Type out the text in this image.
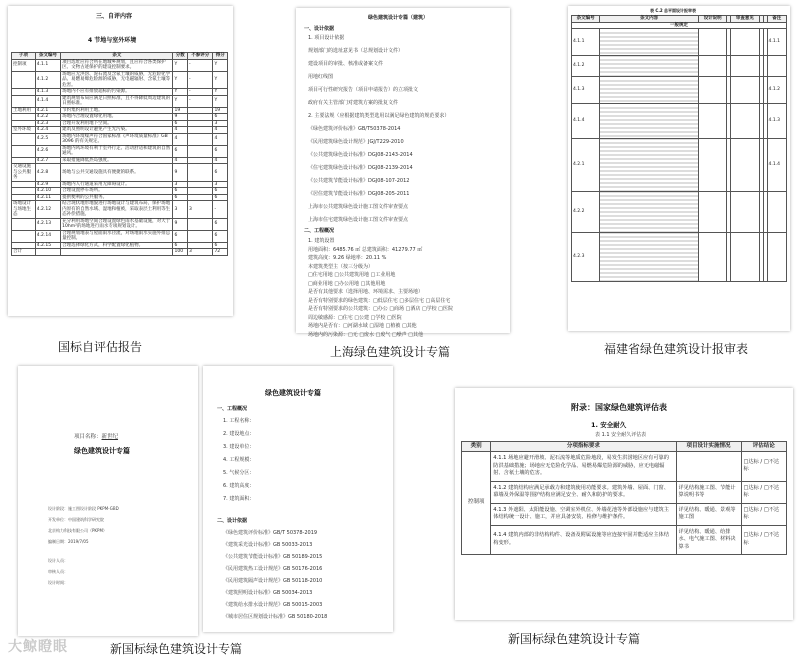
三、自评内容
4 节地与室外环境
子项	条文编号	条文	分数	不参评分	得分
控制项	4.1.1	项目选址应符合所在地城乡规划，且应符合各类保护区、文物古迹保护的建设控制要求。	Y	-	Y
	4.1.2	场地应无洪涝、泥石流及含氡土壤的威胁，无危险化学品、易燃易爆危险源的威胁，无电磁辐射、含氡土壤等危害。	Y	-	Y
	4.1.3	场地内不应有排放超标的污染源。	Y	-	Y
	4.1.4	建筑规划布局应满足日照标准，且不得降低周边建筑的日照标准。	Y	-	Y
土地利用	4.2.1	节约集约利用土地。	19		19
	4.2.2	场地内合理设置绿化用地。	9		6
	4.2.3	合理开发利用地下空间。	6		3
室外环境	4.2.4	建筑及照明设计避免产生光污染。	4		4
	4.2.5	场地内环境噪声符合国家标准《声环境质量标准》GB 3096 的有关规定。	4		4
	4.2.6	场地内风环境有利于室外行走、活动舒适和建筑的自然通风。	6		6
	4.2.7	采取措施降低热岛强度。	4		4
交通设施与公共服务	4.2.8	场地与公共交通设施具有便捷的联系。	9		6
	4.2.9	场地内人行通道采用无障碍设计。	3		3
	4.2.10	合理设置停车场所。	6		6
	4.2.11	提供便利的公共服务。	6		6
场地设计与场地生态	4.2.12	结合现状地形地貌进行场地设计与建筑布局，保护场地内原有的自然水域、湿地和植被，采取表层土利用等生态补偿措施。	3	3	-
	4.2.13	充分利用场地空间合理设置绿色雨水基础设施，对大于10hm²的场地进行雨水专项规划设计。	9		6
	4.2.14	合理规划地表与屋面雨水径流，对场地雨水实施外排总量控制。	6		6
	4.2.15	合理选择绿化方式，科学配置绿化植物。	6		6
合计			100	3	72
国标自评估报告
绿色建筑设计专篇（建筑）
一、设计依据
1. 项目设计依据
规划部门的选址意见书（总规划设计文件）
建设项目的审批、核准或备案文件
用地红线图
项目可行性研究报告（项目申请报告）的立项批文
政府有关主管部门对建筑方案的批复文件
2. 主要法规（应根据建筑类型选用以满足绿色建筑的规范要求）
《绿色建筑评价标准》GB/T50378-2014
《民用建筑绿色设计规范》JGJ/T229-2010
《公共建筑绿色设计标准》DGJ08-2143-2014
《住宅建筑绿色设计标准》DGJ08-2139-2014
《公共建筑节能设计标准》DGJ08-107-2012
《居住建筑节能设计标准》DGJ08-205-2011
上海市公共建筑绿色设计施工图文件审查要点
上海市住宅建筑绿色设计施工图文件审查要点
二、工程概况
1. 建筑设置
用地面积：6485.76 ㎡ 总建筑面积：41279.77 ㎡
建筑高度：9.26 绿地率：20.11 %
本建筑类型主（按三分级为）
□住宅用地 □公共建筑用地 □工业用地
□商业用地 □办公用地 □其他用地
是否有其他要求（选择用地、环境需求、主要场地）
是否有特别要求的绿色建筑：□低层住宅 □多层住宅 □高层住宅
是否有特别要求的公共建筑：□办公 □商场 □酒店 □学校 □医院
周边敏感源：□住宅 □公建 □学校 □医院
场地内是否有：□河湖水域 □湿地 □植被 □其他
场地内的污染源：□无 □废水 □废气 □噪声 □其他
上海绿色建筑设计专篇
表 C.2 总平面设计报审表
条文编号	条文内容	设计说明		审查意见			备注
一般规定							
4.1.1							4.1.1
4.1.2							
4.1.3							4.1.2
4.1.4							4.1.3
4.2.1							4.1.4
4.2.2							
4.2.3							
福建省绿色建筑设计报审表
项目名称：新世纪
绿色建筑设计专篇
设计阶段：施工图设计阶段 PKPM-GBD
开发单位：中国建筑科学研究院
北京构力科技有限公司（PKPM）
编制日期：2019/7/05
设计人员：
审核人员：
设计时间：
绿色建筑设计专篇
一、工程概况
1. 工程名称：
2. 建设地点：
3. 建设单位：
4. 工程规模：
5. 气候分区：
6. 建筑高度：
7. 建筑面积：
二、设计依据
《绿色建筑评价标准》GB/T 50378-2019
《建筑采光设计标准》GB 50033-2013
《公共建筑节能设计标准》GB 50189-2015
《民用建筑热工设计规范》GB 50176-2016
《民用建筑隔声设计规范》GB 50118-2010
《建筑照明设计标准》GB 50034-2013
《建筑给水排水设计规范》GB 50015-2003
《城市居住区规划设计标准》GB 50180-2018
新国标绿色建筑设计专篇
附录：国家绿色建筑评估表
1. 安全耐久
表 1.1 安全耐久评估表
类别	分项指标要求	项目设计实施情况	评估结论
控制项	4.1.1 场地应避开滑坡、泥石流等地质危险地段，易发生洪涝地区应有可靠的防洪基础措施；场地应无危险化学品、易燃易爆危险源的威胁，应无电磁辐射、含氡土壤的危害。		□达标 / □不达标
	4.1.2 建筑结构应满足承载力和建筑使用功能要求。建筑外墙、屋面、门窗、幕墙及外保温等围护结构应满足安全、耐久和防护的要求。	详见结构施工图、节能计算说明书等	□达标 / □不达标
	4.1.3 外遮阳、太阳能设施、空调室外机位、外墙花池等外部设施应与建筑主体结构统一设计、施工，并应具备安装、检修与维护条件。	详见结构、暖通、景观等施工图	□达标 / □不达标
	4.1.4 建筑内部的非结构构件、设备及附属设施等应连接牢固并能适应主体结构变形。	详见结构、暖通、给排水、电气施工图、材料决算书	□达标 / □不达标
新国标绿色建筑设计专篇
大鲸瞪眼
